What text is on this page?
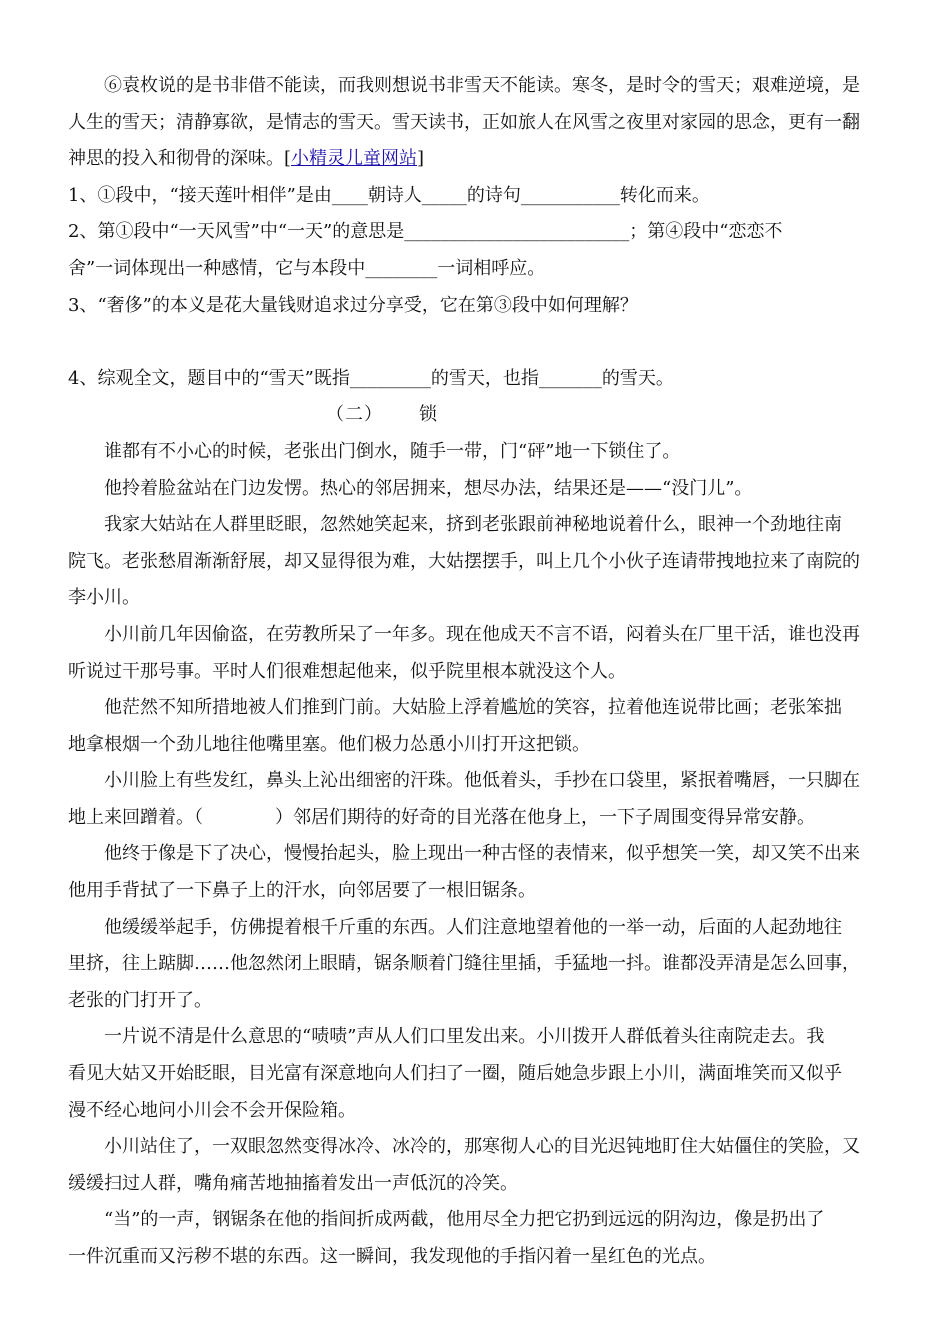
⑥袁枚说的是书非借不能读，而我则想说书非雪天不能读。寒冬，是时令的雪天；艰难逆境，是

人生的雪天；清静寡欲，是情志的雪天。雪天读书，正如旅人在风雪之夜里对家园的思念，更有一翻

神思的投入和彻骨的深味。[小精灵儿童网站]

1、①段中，“接天莲叶相伴”是由____朝诗人_____的诗句___________转化而来。

2、第①段中“一天风雪”中“一天”的意思是_________________________；第④段中“恋恋不

舍”一词体现出一种感情，它与本段中________一词相呼应。

3、“奢侈”的本义是花大量钱财追求过分享受，它在第③段中如何理解？

4、综观全文，题目中的“雪天”既指_________的雪天，也指_______的雪天。

（二） 锁

谁都有不小心的时候，老张出门倒水，随手一带，门“砰”地一下锁住了。

他拎着脸盆站在门边发愣。热心的邻居拥来，想尽办法，结果还是——“没门儿”。

我家大姑站在人群里眨眼，忽然她笑起来，挤到老张跟前神秘地说着什么，眼神一个劲地往南

院飞。老张愁眉渐渐舒展，却又显得很为难，大姑摆摆手，叫上几个小伙子连请带拽地拉来了南院的

李小川。

小川前几年因偷盗，在劳教所呆了一年多。现在他成天不言不语，闷着头在厂里干活，谁也没再

听说过干那号事。平时人们很难想起他来，似乎院里根本就没这个人。

他茫然不知所措地被人们推到门前。大姑脸上浮着尴尬的笑容，拉着他连说带比画；老张笨拙

地拿根烟一个劲儿地往他嘴里塞。他们极力怂恿小川打开这把锁。

小川脸上有些发红，鼻头上沁出细密的汗珠。他低着头，手抄在口袋里，紧抿着嘴唇，一只脚在

地上来回蹭着。（　　　　）邻居们期待的好奇的目光落在他身上，一下子周围变得异常安静。

他终于像是下了决心，慢慢抬起头，脸上现出一种古怪的表情来，似乎想笑一笑，却又笑不出来

他用手背拭了一下鼻子上的汗水，向邻居要了一根旧锯条。

他缓缓举起手，仿佛提着根千斤重的东西。人们注意地望着他的一举一动，后面的人起劲地往

里挤，往上踮脚……他忽然闭上眼睛，锯条顺着门缝往里插，手猛地一抖。谁都没弄清是怎么回事，

老张的门打开了。

一片说不清是什么意思的“啧啧”声从人们口里发出来。小川拨开人群低着头往南院走去。我

看见大姑又开始眨眼，目光富有深意地向人们扫了一圈，随后她急步跟上小川，满面堆笑而又似乎

漫不经心地问小川会不会开保险箱。

小川站住了，一双眼忽然变得冰冷、冰冷的，那寒彻人心的目光迟钝地盯住大姑僵住的笑脸，又

缓缓扫过人群，嘴角痛苦地抽搐着发出一声低沉的冷笑。

“当”的一声，钢锯条在他的指间折成两截，他用尽全力把它扔到远远的阴沟边，像是扔出了

一件沉重而又污秽不堪的东西。这一瞬间，我发现他的手指闪着一星红色的光点。
